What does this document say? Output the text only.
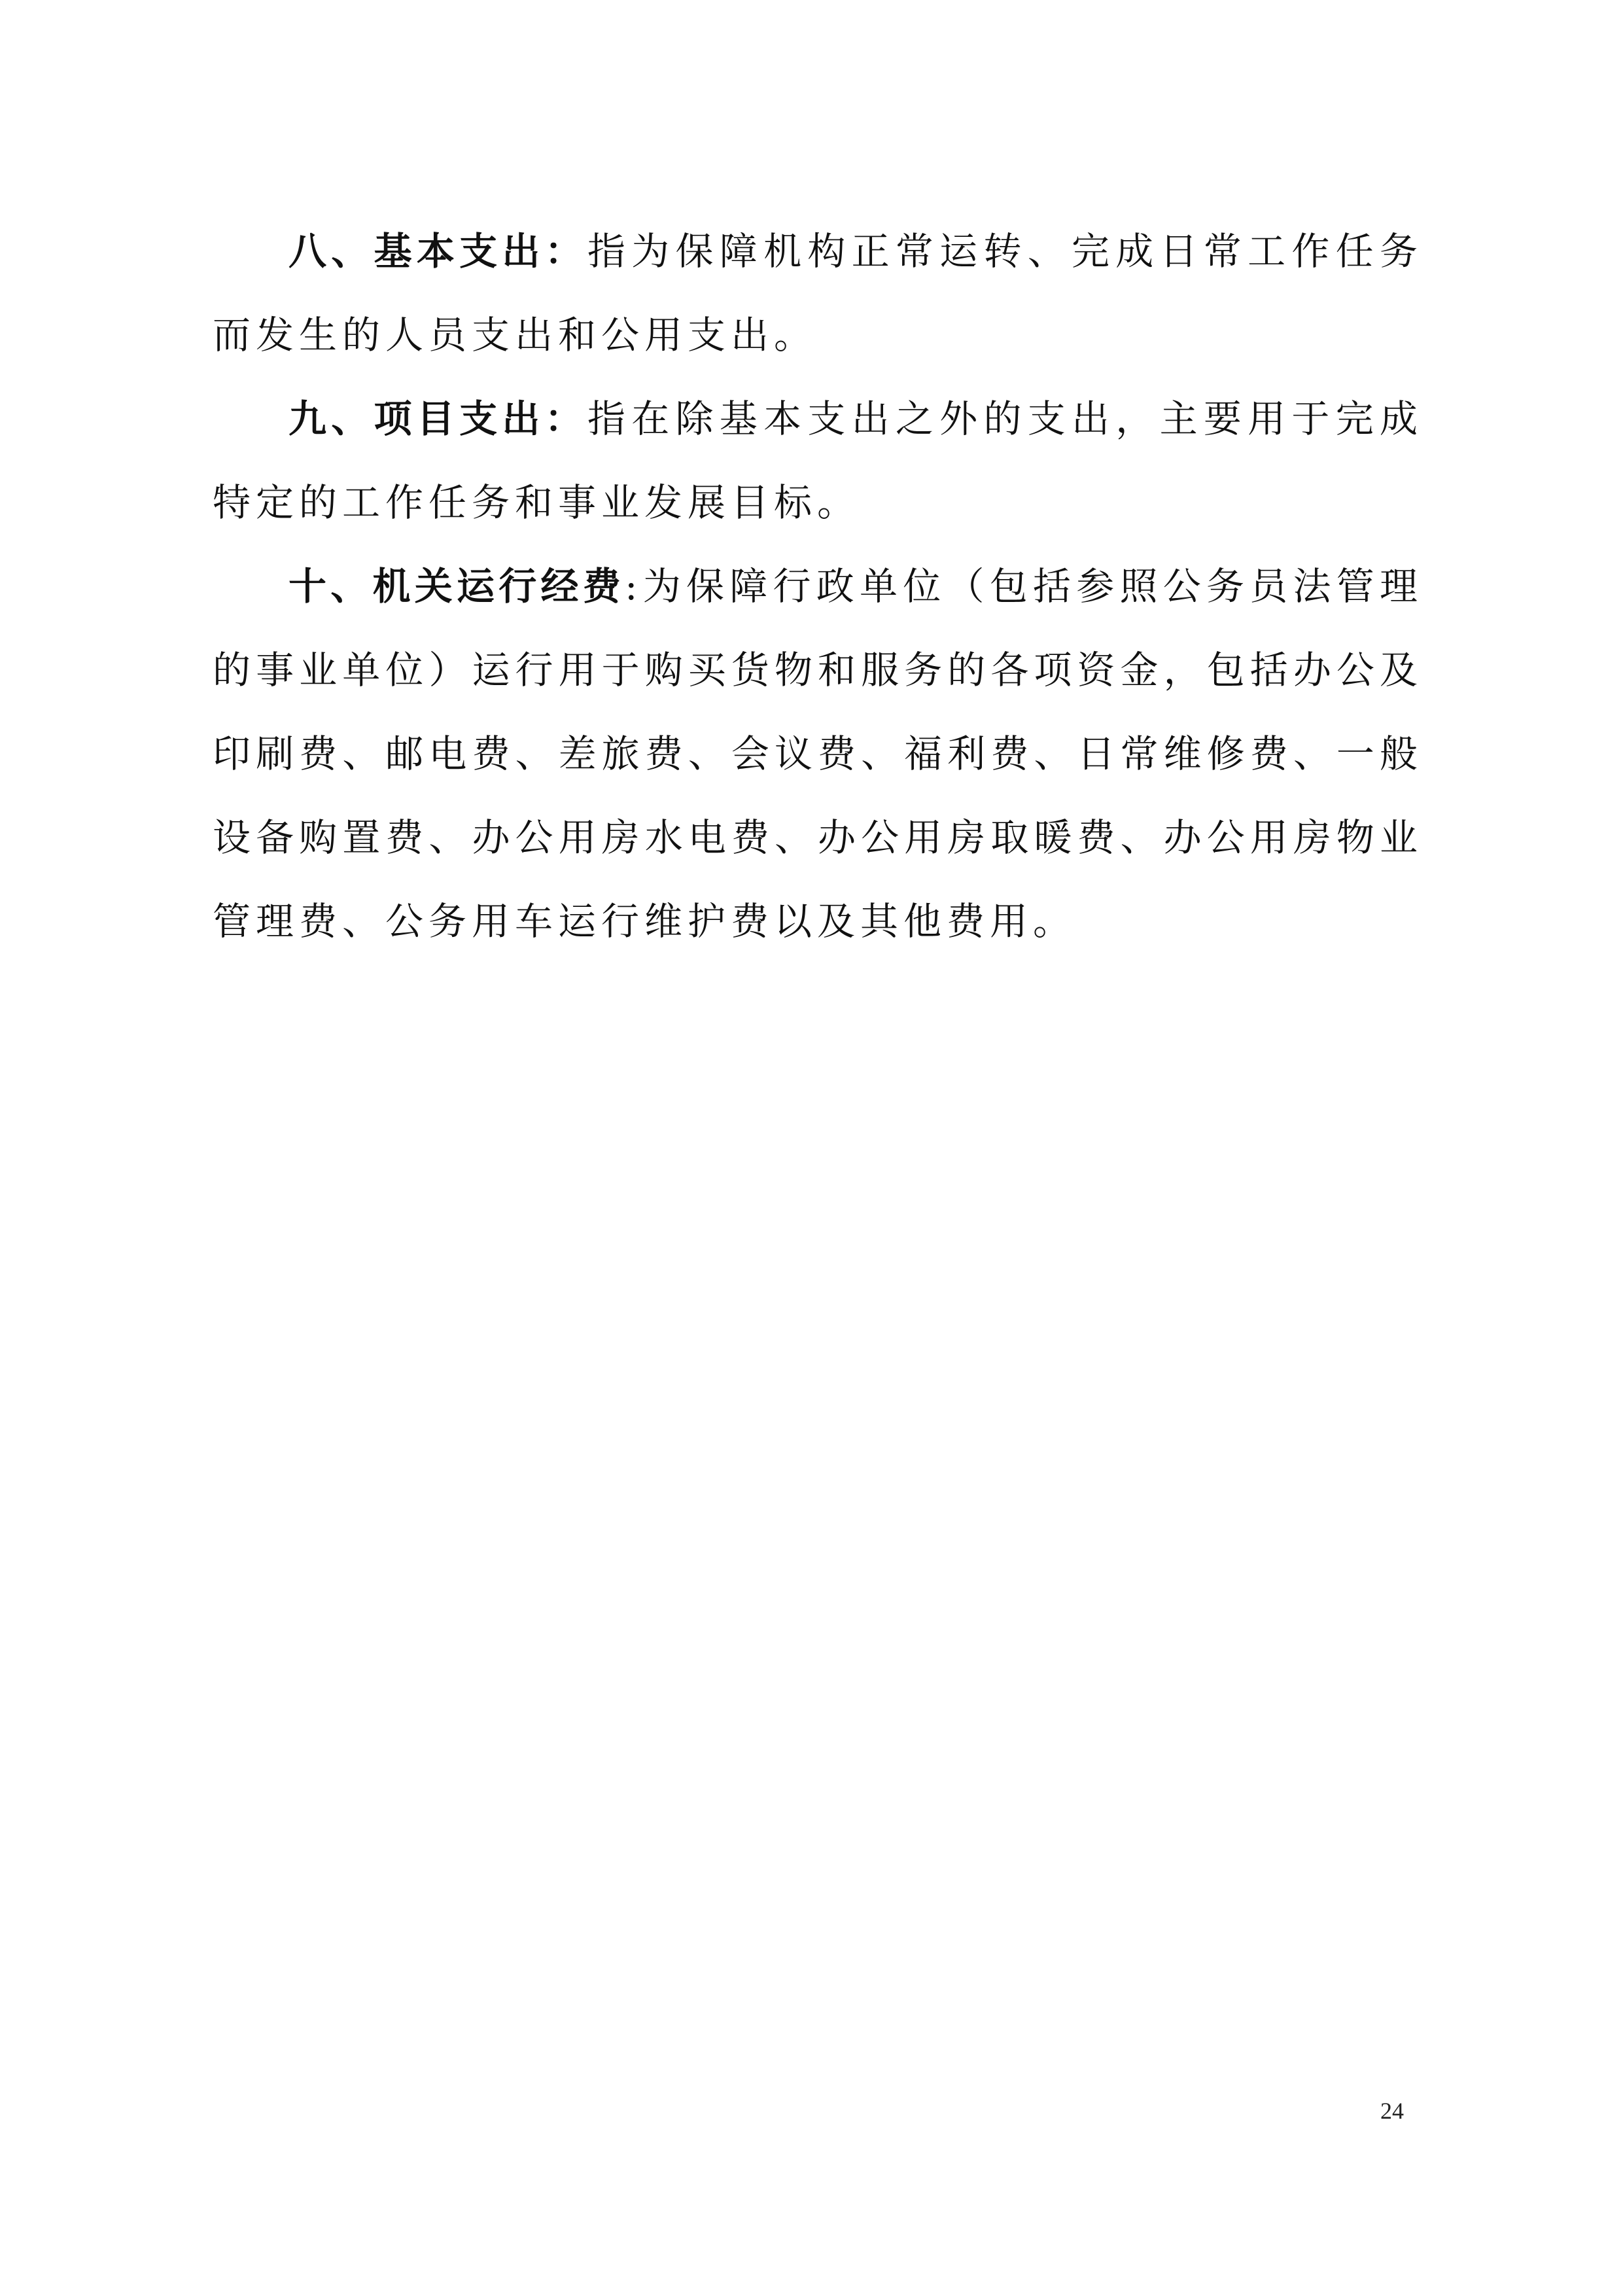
八、基本支出：指为保障机构正常运转、完成日常工作任务而发生的人员支出和公用支出。

九、项目支出：指在除基本支出之外的支出，主要用于完成特定的工作任务和事业发展目标。

十、机关运行经费:为保障行政单位（包括参照公务员法管理的事业单位）运行用于购买货物和服务的各项资金，包括办公及印刷费、邮电费、差旅费、会议费、福利费、日常维修费、一般设备购置费、办公用房水电费、办公用房取暖费、办公用房物业管理费、公务用车运行维护费以及其他费用。

24
